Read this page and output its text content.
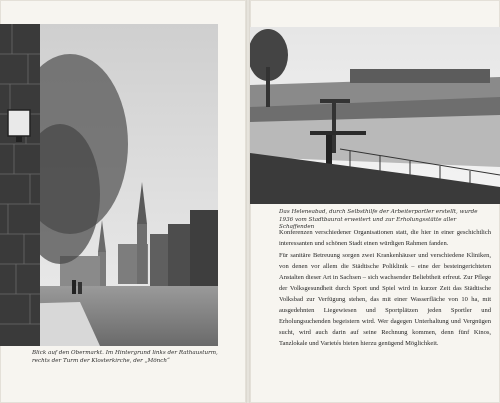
Blick auf den Obermarkt. Im Hintergrund links der Rathausturm, rechts der Turm der Klosterkirche, der „Mönch“

Das Heleneabad, durch Selbsthilfe der Arbeiterportler erstellt, wurde 1936 vom Stadtbaurat erweitert und zur Erholungsstätte aller Schaffenden

Konferenzen verschiedener Organisationen statt, die hier in einer geschichtlich interessanten und schönen Stadt einen würdigen Rahmen fanden.

Für sanitäre Betreuung sorgen zwei Krankenhäuser und verschiedene Kliniken, von denen vor allem die Städtische Poliklinik – eine der besteingerichteten Anstalten dieser Art in Sachsen – sich wachsender Beliebtheit erfreut. Zur Pflege der Volksgesundheit durch Sport und Spiel wird in kurzer Zeit das Städtische Volksbad zur Verfügung stehen, das mit einer Wasserfläche von 10 ha, mit ausgedehnten Liegewiesen und Sportplätzen jeden Sportler und Erholungsuchenden begeistern wird. Wer dagegen Unterhaltung und Vergnügen sucht, wird auch darin auf seine Rechnung kommen, denn fünf Kinos, Tanzlokale und Varietés bieten hierzu genügend Möglichkeit.
